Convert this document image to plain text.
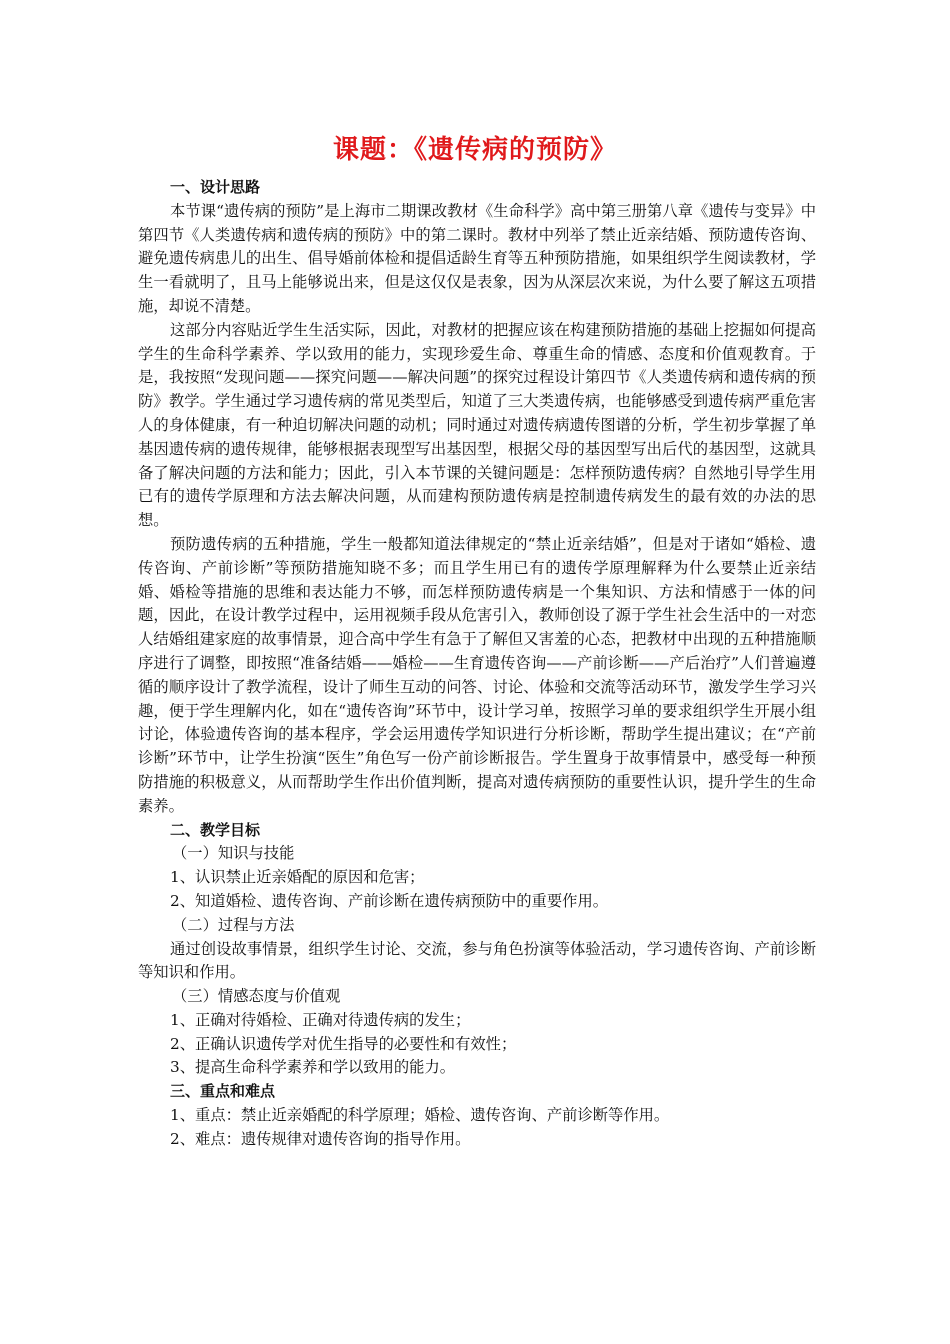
课题：《遗传病的预防》

一、设计思路

本节课“遗传病的预防”是上海市二期课改教材《生命科学》高中第三册第八章《遗传与变异》中第四节《人类遗传病和遗传病的预防》中的第二课时。教材中列举了禁止近亲结婚、预防遗传咨询、避免遗传病患儿的出生、倡导婚前体检和提倡适龄生育等五种预防措施，如果组织学生阅读教材，学生一看就明了，且马上能够说出来，但是这仅仅是表象，因为从深层次来说，为什么要了解这五项措施，却说不清楚。

这部分内容贴近学生生活实际，因此，对教材的把握应该在构建预防措施的基础上挖掘如何提高学生的生命科学素养、学以致用的能力，实现珍爱生命、尊重生命的情感、态度和价值观教育。于是，我按照“发现问题——探究问题——解决问题”的探究过程设计第四节《人类遗传病和遗传病的预防》教学。学生通过学习遗传病的常见类型后，知道了三大类遗传病，也能够感受到遗传病严重危害人的身体健康，有一种迫切解决问题的动机；同时通过对遗传病遗传图谱的分析，学生初步掌握了单基因遗传病的遗传规律，能够根据表现型写出基因型，根据父母的基因型写出后代的基因型，这就具备了解决问题的方法和能力；因此，引入本节课的关键问题是：怎样预防遗传病？自然地引导学生用已有的遗传学原理和方法去解决问题，从而建构预防遗传病是控制遗传病发生的最有效的办法的思想。

预防遗传病的五种措施，学生一般都知道法律规定的“禁止近亲结婚”，但是对于诸如“婚检、遗传咨询、产前诊断”等预防措施知晓不多；而且学生用已有的遗传学原理解释为什么要禁止近亲结婚、婚检等措施的思维和表达能力不够，而怎样预防遗传病是一个集知识、方法和情感于一体的问题，因此，在设计教学过程中，运用视频手段从危害引入，教师创设了源于学生社会生活中的一对恋人结婚组建家庭的故事情景，迎合高中学生有急于了解但又害羞的心态，把教材中出现的五种措施顺序进行了调整，即按照“准备结婚——婚检——生育遗传咨询——产前诊断——产后治疗”人们普遍遵循的顺序设计了教学流程，设计了师生互动的问答、讨论、体验和交流等活动环节，激发学生学习兴趣，便于学生理解内化，如在“遗传咨询”环节中，设计学习单，按照学习单的要求组织学生开展小组讨论，体验遗传咨询的基本程序，学会运用遗传学知识进行分析诊断，帮助学生提出建议；在“产前诊断”环节中，让学生扮演“医生”角色写一份产前诊断报告。学生置身于故事情景中，感受每一种预防措施的积极意义，从而帮助学生作出价值判断，提高对遗传病预防的重要性认识，提升学生的生命素养。

二、教学目标

（一）知识与技能

1、认识禁止近亲婚配的原因和危害；

2、知道婚检、遗传咨询、产前诊断在遗传病预防中的重要作用。

（二）过程与方法

通过创设故事情景，组织学生讨论、交流，参与角色扮演等体验活动，学习遗传咨询、产前诊断等知识和作用。

（三）情感态度与价值观

1、正确对待婚检、正确对待遗传病的发生；

2、正确认识遗传学对优生指导的必要性和有效性；

3、提高生命科学素养和学以致用的能力。

三、重点和难点

1、重点：禁止近亲婚配的科学原理；婚检、遗传咨询、产前诊断等作用。

2、难点：遗传规律对遗传咨询的指导作用。
